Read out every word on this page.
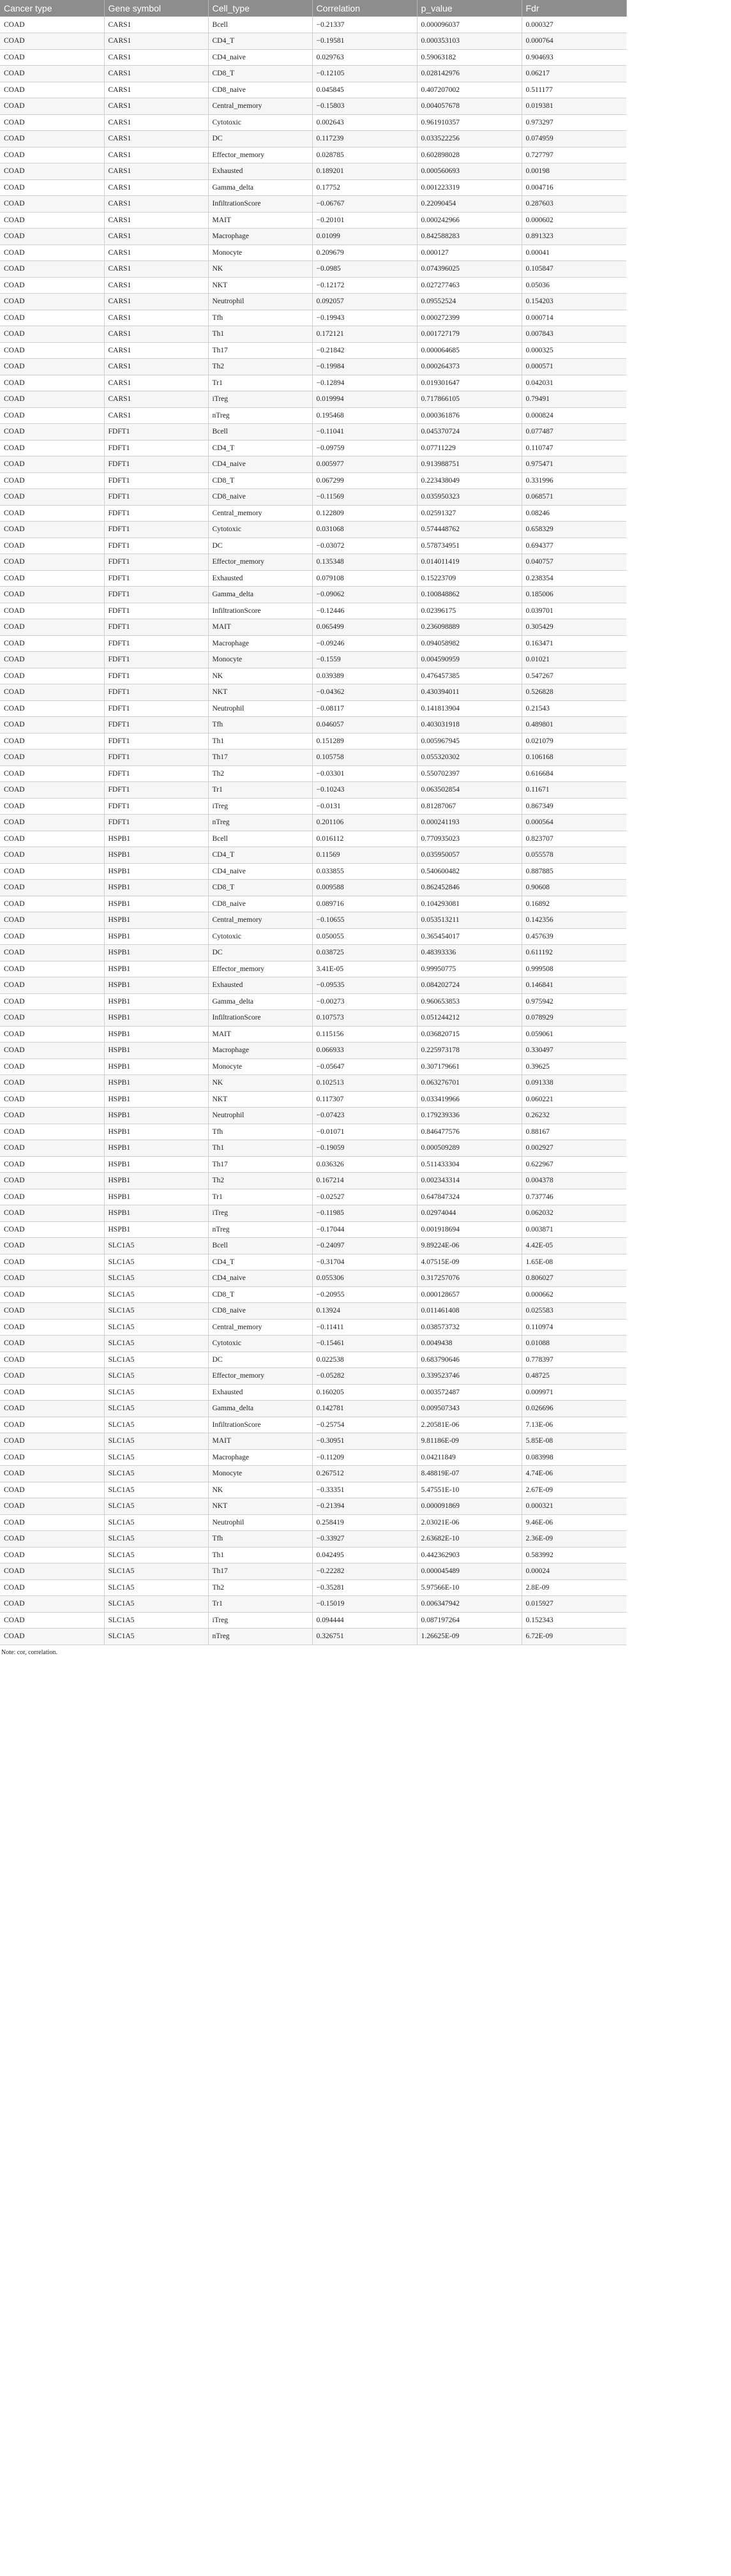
Cancer type	Gene symbol	Cell_type	Correlation	p_value	Fdr
COAD	CARS1	Bcell	−0.21337	0.000096037	0.000327
COAD	CARS1	CD4_T	−0.19581	0.000353103	0.000764
COAD	CARS1	CD4_naive	0.029763	0.59063182	0.904693
COAD	CARS1	CD8_T	−0.12105	0.028142976	0.06217
COAD	CARS1	CD8_naive	0.045845	0.407207002	0.511177
COAD	CARS1	Central_memory	−0.15803	0.004057678	0.019381
COAD	CARS1	Cytotoxic	0.002643	0.961910357	0.973297
COAD	CARS1	DC	0.117239	0.033522256	0.074959
COAD	CARS1	Effector_memory	0.028785	0.602898028	0.727797
COAD	CARS1	Exhausted	0.189201	0.000560693	0.00198
COAD	CARS1	Gamma_delta	0.17752	0.001223319	0.004716
COAD	CARS1	InfiltrationScore	−0.06767	0.22090454	0.287603
COAD	CARS1	MAIT	−0.20101	0.000242966	0.000602
COAD	CARS1	Macrophage	0.01099	0.842588283	0.891323
COAD	CARS1	Monocyte	0.209679	0.000127	0.00041
COAD	CARS1	NK	−0.0985	0.074396025	0.105847
COAD	CARS1	NKT	−0.12172	0.027277463	0.05036
COAD	CARS1	Neutrophil	0.092057	0.09552524	0.154203
COAD	CARS1	Tfh	−0.19943	0.000272399	0.000714
COAD	CARS1	Th1	0.172121	0.001727179	0.007843
COAD	CARS1	Th17	−0.21842	0.000064685	0.000325
COAD	CARS1	Th2	−0.19984	0.000264373	0.000571
COAD	CARS1	Tr1	−0.12894	0.019301647	0.042031
COAD	CARS1	iTreg	0.019994	0.717866105	0.79491
COAD	CARS1	nTreg	0.195468	0.000361876	0.000824
COAD	FDFT1	Bcell	−0.11041	0.045370724	0.077487
COAD	FDFT1	CD4_T	−0.09759	0.07711229	0.110747
COAD	FDFT1	CD4_naive	0.005977	0.913988751	0.975471
COAD	FDFT1	CD8_T	0.067299	0.223438049	0.331996
COAD	FDFT1	CD8_naive	−0.11569	0.035950323	0.068571
COAD	FDFT1	Central_memory	0.122809	0.02591327	0.08246
COAD	FDFT1	Cytotoxic	0.031068	0.574448762	0.658329
COAD	FDFT1	DC	−0.03072	0.578734951	0.694377
COAD	FDFT1	Effector_memory	0.135348	0.014011419	0.040757
COAD	FDFT1	Exhausted	0.079108	0.15223709	0.238354
COAD	FDFT1	Gamma_delta	−0.09062	0.100848862	0.185006
COAD	FDFT1	InfiltrationScore	−0.12446	0.02396175	0.039701
COAD	FDFT1	MAIT	0.065499	0.236098889	0.305429
COAD	FDFT1	Macrophage	−0.09246	0.094058982	0.163471
COAD	FDFT1	Monocyte	−0.1559	0.004590959	0.01021
COAD	FDFT1	NK	0.039389	0.476457385	0.547267
COAD	FDFT1	NKT	−0.04362	0.430394011	0.526828
COAD	FDFT1	Neutrophil	−0.08117	0.141813904	0.21543
COAD	FDFT1	Tfh	0.046057	0.403031918	0.489801
COAD	FDFT1	Th1	0.151289	0.005967945	0.021079
COAD	FDFT1	Th17	0.105758	0.055320302	0.106168
COAD	FDFT1	Th2	−0.03301	0.550702397	0.616684
COAD	FDFT1	Tr1	−0.10243	0.063502854	0.11671
COAD	FDFT1	iTreg	−0.0131	0.81287067	0.867349
COAD	FDFT1	nTreg	0.201106	0.000241193	0.000564
COAD	HSPB1	Bcell	0.016112	0.770935023	0.823707
COAD	HSPB1	CD4_T	0.11569	0.035950057	0.055578
COAD	HSPB1	CD4_naive	0.033855	0.540600482	0.887885
COAD	HSPB1	CD8_T	0.009588	0.862452846	0.90608
COAD	HSPB1	CD8_naive	0.089716	0.104293081	0.16892
COAD	HSPB1	Central_memory	−0.10655	0.053513211	0.142356
COAD	HSPB1	Cytotoxic	0.050055	0.365454017	0.457639
COAD	HSPB1	DC	0.038725	0.48393336	0.611192
COAD	HSPB1	Effector_memory	3.41E-05	0.99950775	0.999508
COAD	HSPB1	Exhausted	−0.09535	0.084202724	0.146841
COAD	HSPB1	Gamma_delta	−0.00273	0.960653853	0.975942
COAD	HSPB1	InfiltrationScore	0.107573	0.051244212	0.078929
COAD	HSPB1	MAIT	0.115156	0.036820715	0.059061
COAD	HSPB1	Macrophage	0.066933	0.225973178	0.330497
COAD	HSPB1	Monocyte	−0.05647	0.307179661	0.39625
COAD	HSPB1	NK	0.102513	0.063276701	0.091338
COAD	HSPB1	NKT	0.117307	0.033419966	0.060221
COAD	HSPB1	Neutrophil	−0.07423	0.179239336	0.26232
COAD	HSPB1	Tfh	−0.01071	0.846477576	0.88167
COAD	HSPB1	Th1	−0.19059	0.000509289	0.002927
COAD	HSPB1	Th17	0.036326	0.511433304	0.622967
COAD	HSPB1	Th2	0.167214	0.002343314	0.004378
COAD	HSPB1	Tr1	−0.02527	0.647847324	0.737746
COAD	HSPB1	iTreg	−0.11985	0.02974044	0.062032
COAD	HSPB1	nTreg	−0.17044	0.001918694	0.003871
COAD	SLC1A5	Bcell	−0.24097	9.89224E-06	4.42E-05
COAD	SLC1A5	CD4_T	−0.31704	4.07515E-09	1.65E-08
COAD	SLC1A5	CD4_naive	0.055306	0.317257076	0.806027
COAD	SLC1A5	CD8_T	−0.20955	0.000128657	0.000662
COAD	SLC1A5	CD8_naive	0.13924	0.011461408	0.025583
COAD	SLC1A5	Central_memory	−0.11411	0.038573732	0.110974
COAD	SLC1A5	Cytotoxic	−0.15461	0.0049438	0.01088
COAD	SLC1A5	DC	0.022538	0.683790646	0.778397
COAD	SLC1A5	Effector_memory	−0.05282	0.339523746	0.48725
COAD	SLC1A5	Exhausted	0.160205	0.003572487	0.009971
COAD	SLC1A5	Gamma_delta	0.142781	0.009507343	0.026696
COAD	SLC1A5	InfiltrationScore	−0.25754	2.20581E-06	7.13E-06
COAD	SLC1A5	MAIT	−0.30951	9.81186E-09	5.85E-08
COAD	SLC1A5	Macrophage	−0.11209	0.04211849	0.083998
COAD	SLC1A5	Monocyte	0.267512	8.48819E-07	4.74E-06
COAD	SLC1A5	NK	−0.33351	5.47551E-10	2.67E-09
COAD	SLC1A5	NKT	−0.21394	0.000091869	0.000321
COAD	SLC1A5	Neutrophil	0.258419	2.03021E-06	9.46E-06
COAD	SLC1A5	Tfh	−0.33927	2.63682E-10	2.36E-09
COAD	SLC1A5	Th1	0.042495	0.442362903	0.583992
COAD	SLC1A5	Th17	−0.22282	0.000045489	0.00024
COAD	SLC1A5	Th2	−0.35281	5.97566E-10	2.8E-09
COAD	SLC1A5	Tr1	−0.15019	0.006347942	0.015927
COAD	SLC1A5	iTreg	0.094444	0.087197264	0.152343
COAD	SLC1A5	nTreg	0.326751	1.26625E-09	6.72E-09
Note: cor, correlation.
